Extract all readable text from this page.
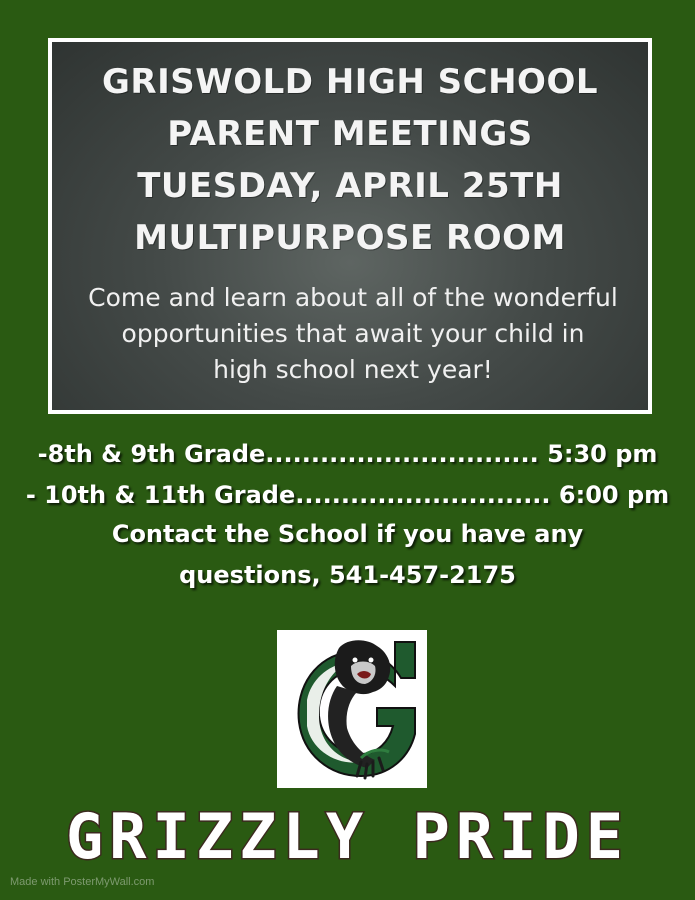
GRISWOLD HIGH SCHOOL
PARENT MEETINGS
TUESDAY, APRIL 25TH
MULTIPURPOSE ROOM
Come and learn about all of the wonderful
opportunities that await your child in
high school next year!
-8th & 9th Grade.............................. 5:30 pm
- 10th & 11th Grade............................ 6:00 pm
Contact the School if you have any
questions, 541-457-2175
GRIZZLY PRIDE
Made with PosterMyWall.com
